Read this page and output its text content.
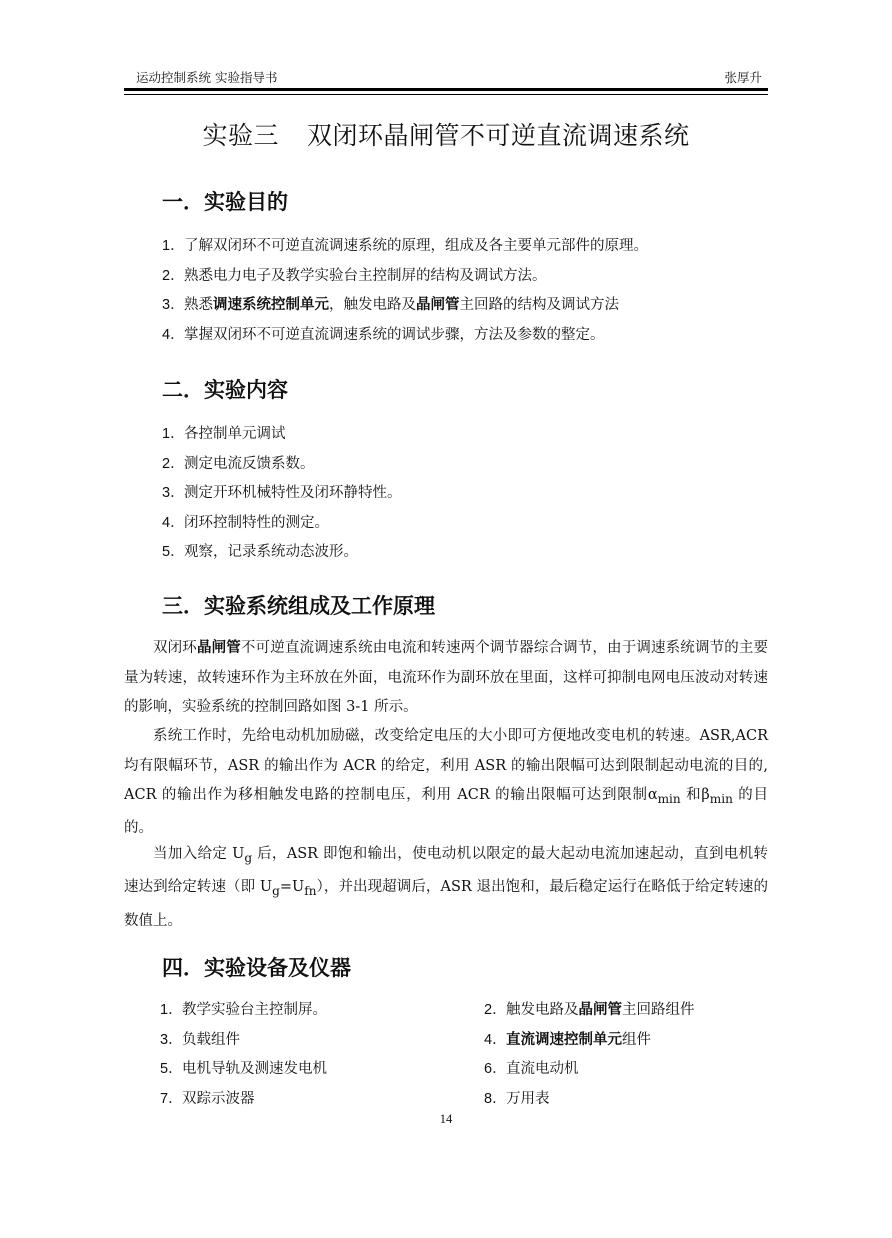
运动控制系统 实验指导书	张厚升
实验三 双闭环晶闸管不可逆直流调速系统
一．实验目的
1．了解双闭环不可逆直流调速系统的原理，组成及各主要单元部件的原理。
2．熟悉电力电子及教学实验台主控制屏的结构及调试方法。
3．熟悉调速系统控制单元，触发电路及晶闸管主回路的结构及调试方法
4．掌握双闭环不可逆直流调速系统的调试步骤，方法及参数的整定。
二．实验内容
1．各控制单元调试
2．测定电流反馈系数。
3．测定开环机械特性及闭环静特性。
4．闭环控制特性的测定。
5．观察，记录系统动态波形。
三．实验系统组成及工作原理

双闭环晶闸管不可逆直流调速系统由电流和转速两个调节器综合调节，由于调速系统调节的主要量为转速，故转速环作为主环放在外面，电流环作为副环放在里面，这样可抑制电网电压波动对转速的影响，实验系统的控制回路如图 3-1 所示。

系统工作时，先给电动机加励磁，改变给定电压的大小即可方便地改变电机的转速。ASR,ACR 均有限幅环节，ASR 的输出作为 ACR 的给定，利用 ASR 的输出限幅可达到限制起动电流的目的, ACR 的输出作为移相触发电路的控制电压，利用 ACR 的输出限幅可达到限制$\alpha_{min}$ 和$\beta_{min}$ 的目的。

当加入给定 $U_g$ 后，ASR 即饱和输出，使电动机以限定的最大起动电流加速起动，直到电机转速达到给定转速（即 $U_g=U_{fn}$），并出现超调后，ASR 退出饱和，最后稳定运行在略低于给定转速的数值上。

四．实验设备及仪器
1．教学实验台主控制屏。	2．触发电路及晶闸管主回路组件
3．负载组件	4．直流调速控制单元组件
5．电机导轨及测速发电机	6．直流电动机
7．双踪示波器	8．万用表
14
